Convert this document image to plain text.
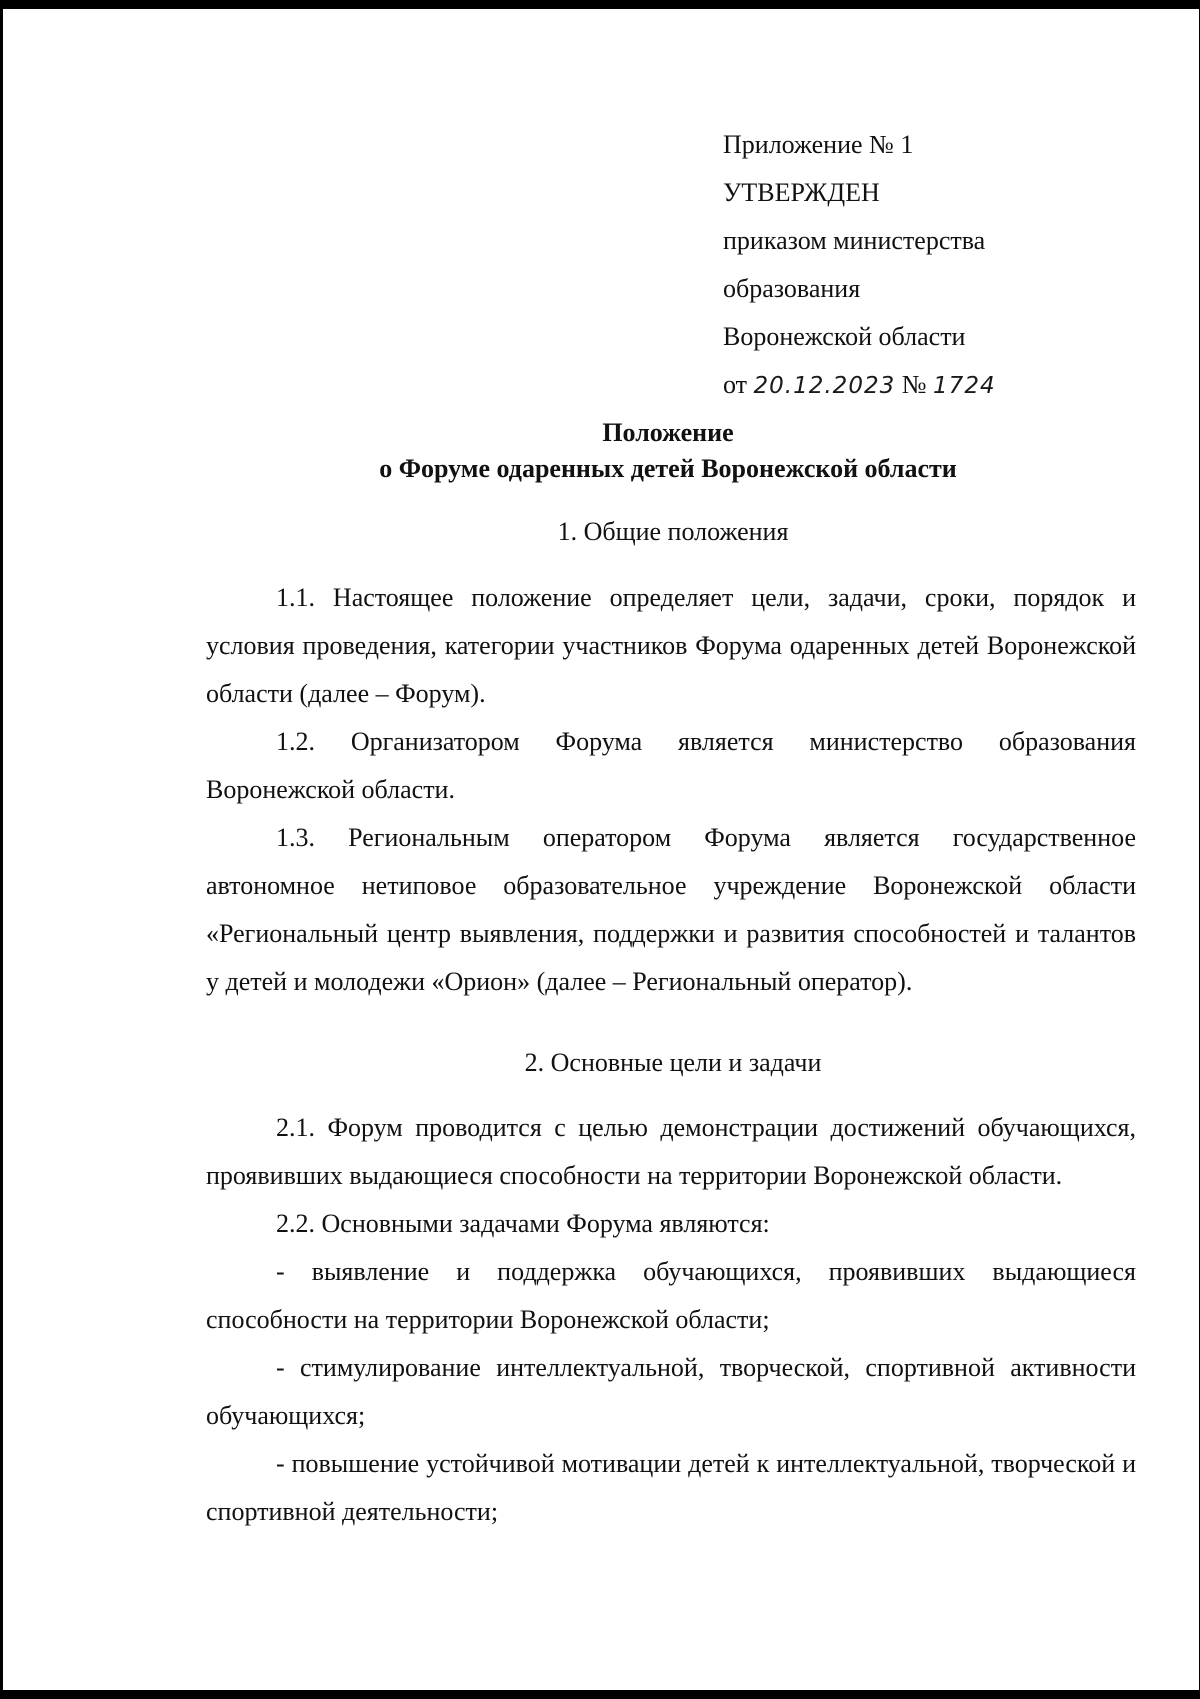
Приложение № 1
УТВЕРЖДЕН
приказом министерства
образования
Воронежской области
от 20.12.2023 № 1724
Положение
о Форуме одаренных детей Воронежской области
1. Общие положения

1.1. Настоящее положение определяет цели, задачи, сроки, порядок и условия проведения, категории участников Форума одаренных детей Воронежской области (далее – Форум).

1.2. Организатором Форума является министерство образования Воронежской области.

1.3. Региональным оператором Форума является государственное автономное нетиповое образовательное учреждение Воронежской области «Региональный центр выявления, поддержки и развития способностей и талантов у детей и молодежи «Орион» (далее – Региональный оператор).

2. Основные цели и задачи

2.1. Форум проводится с целью демонстрации достижений обучающихся, проявивших выдающиеся способности на территории Воронежской области.

2.2. Основными задачами Форума являются:

- выявление и поддержка обучающихся, проявивших выдающиеся способности на территории Воронежской области;

- стимулирование интеллектуальной, творческой, спортивной активности обучающихся;

- повышение устойчивой мотивации детей к интеллектуальной, творческой и спортивной деятельности;
